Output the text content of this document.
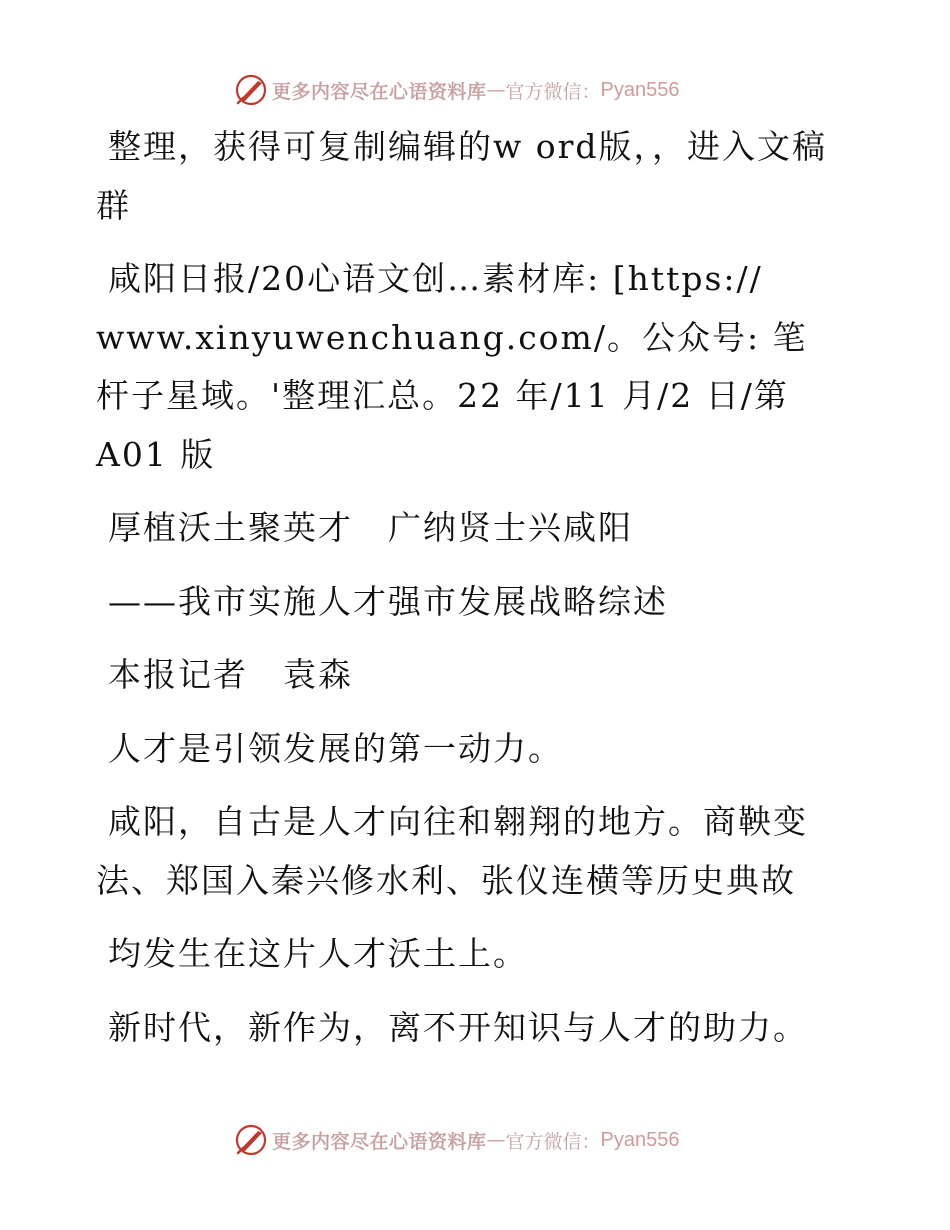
更多内容尽在心语资料库 — 官方微信： Pyan556

整理，获得可复制编辑的w ord版，，进入文稿群

咸阳日报/20心语文创…素材库: [https:// www.xinyuwenchuang.com/。公众号: 笔杆子星域。'整理汇总。22 年/11 月/2 日/第 A01 版

厚植沃土聚英才　广纳贤士兴咸阳

——我市实施人才强市发展战略综述

本报记者　袁森

人才是引领发展的第一动力。

咸阳，自古是人才向往和翱翔的地方。商鞅变法、郑国入秦兴修水利、张仪连横等历史典故

均发生在这片人才沃土上。

新时代，新作为，离不开知识与人才的助力。

更多内容尽在心语资料库 — 官方微信： Pyan556
